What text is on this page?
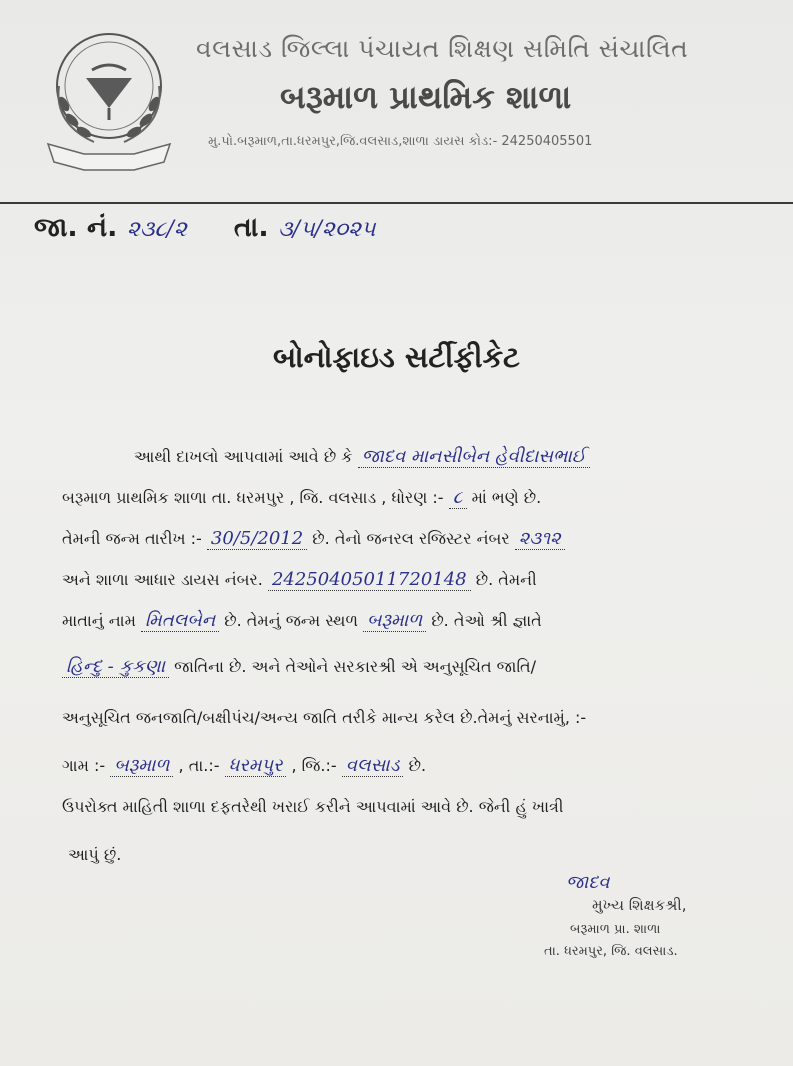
વલસાડ જિલ્લા પંચાયત શિક્ષણ સમિતિ સંચાલિત
બરૂમાળ પ્રાથમિક શાળા
મુ.પો.બરૂમાળ,તા.ધરમપુર,જિ.વલસાડ,શાળા ડાયસ કોડ:- 24250405501
જા. નં. ૨૩૮/૨ તા. ૩/૫/૨૦૨૫
બોનોફાઇડ સર્ટીફીકેટ
આથી દાખલો આપવામાં આવે છે કે જાદવ માનસીબેન હેવીદાસભાઈ
બરૂમાળ પ્રાથમિક શાળા તા. ધરમપુર , જિ. વલસાડ , ધોરણ :- ૮ માં ભણે છે.
તેમની જન્મ તારીખ :- 30/5/2012 છે. તેનો જનરલ રજિસ્ટર નંબર ૨૩૧૨
અને શાળા આધાર ડાયસ નંબર. 24250405011720148 છે. તેમની
માતાનું નામ મિતલબેન છે. તેમનું જન્મ સ્થળ બરૂમાળ છે. તેઓ શ્રી જ્ઞાતે
હિન્દુ - કુકણા જાતિના છે. અને તેઓને સરકારશ્રી એ અનુસૂચિત જાતિ/
અનુસૂચિત જનજાતિ/બક્ષીપંચ/અન્ય જાતિ તરીકે માન્ય કરેલ છે.તેમનું સરનામું, :-
ગામ :- બરૂમાળ , તા.:- ધરમપુર , જિ.:- વલસાડ છે.
ઉપરોક્ત માહિતી શાળા દફતરેથી ખરાઈ કરીને આપવામાં આવે છે. જેની હું ખાત્રી
આપું છું.
જાદવ
મુખ્ય શિક્ષકશ્રી,
બરૂમાળ પ્રા. શાળા
તા. ધરમપુર, જિ. વલસાડ.
